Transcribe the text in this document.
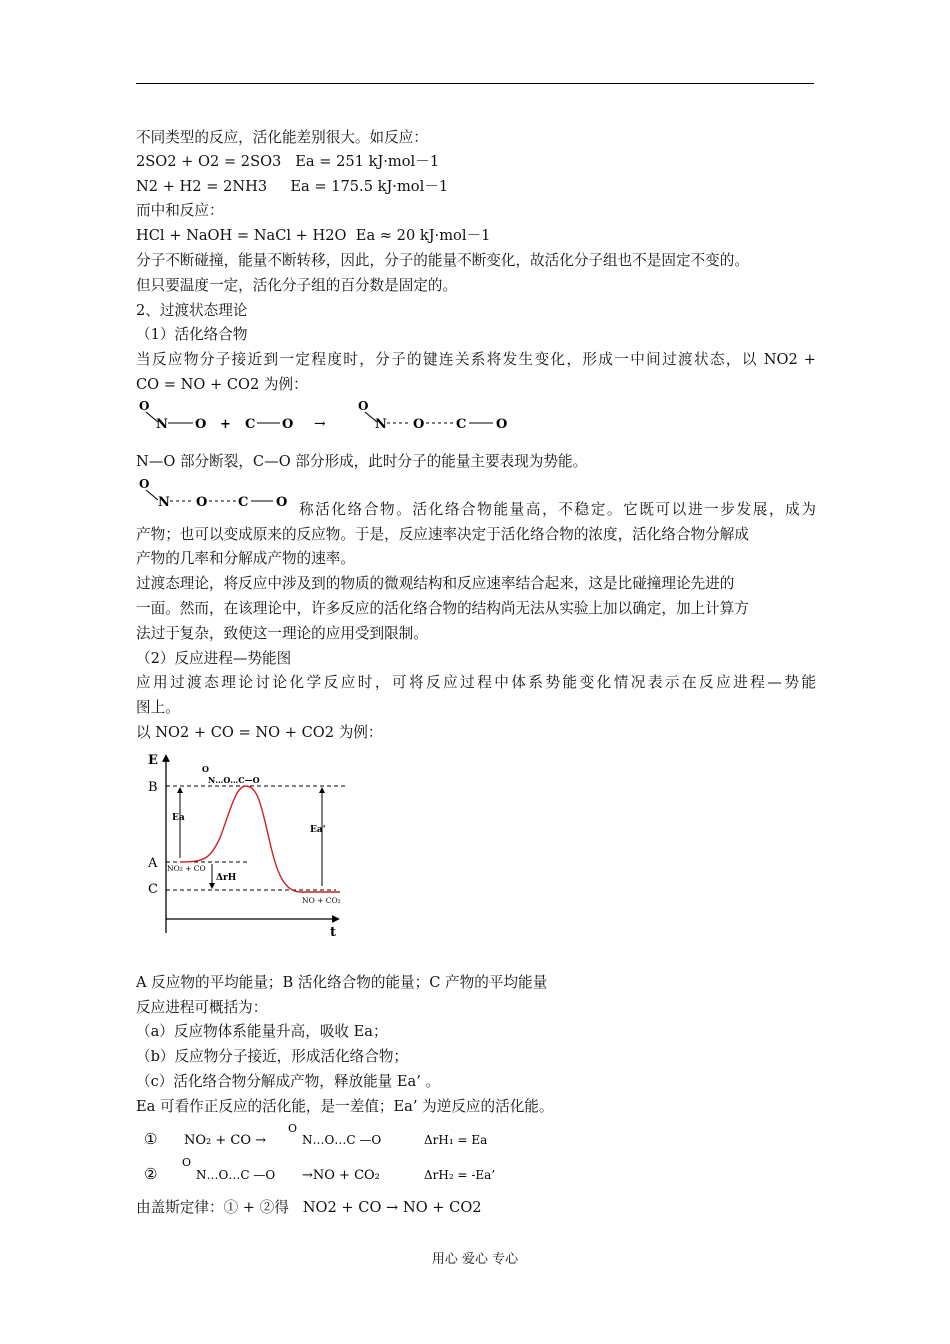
不同类型的反应，活化能差别很大。如反应：
2SO2 + O2 = 2SO3   Ea = 251 kJ·mol－1
N2 + H2 = 2NH3     Ea = 175.5 kJ·mol－1
而中和反应：
HCl + NaOH = NaCl + H2O  Ea ≈ 20 kJ·mol－1
分子不断碰撞，能量不断转移，因此，分子的能量不断变化，故活化分子组也不是固定不变的。
但只要温度一定，活化分子组的百分数是固定的。
2、过渡状态理论
（1）活化络合物
当反应物分子接近到一定程度时，分子的键连关系将发生变化，形成一中间过渡状态，以 NO2 +
CO = NO + CO2 为例：
O
N O + C O →
O
N O C O
N—O 部分断裂，C—O 部分形成，此时分子的能量主要表现为势能。
O
N O C O 称活化络合物。活化络合物能量高，不稳定。它既可以进一步发展，成为
产物；也可以变成原来的反应物。于是，反应速率决定于活化络合物的浓度，活化络合物分解成
产物的几率和分解成产物的速率。
过渡态理论，将反应中涉及到的物质的微观结构和反应速率结合起来，这是比碰撞理论先进的
一面。然而，在该理论中，许多反应的活化络合物的结构尚无法从实验上加以确定，加上计算方
法过于复杂，致使这一理论的应用受到限制。
（2）反应进程—势能图
应用过渡态理论讨论化学反应时，可将反应过程中体系势能变化情况表示在反应进程—势能
图上。
以 NO2 + CO = NO + CO2 为例：
E
t
B
A
C
Ea
ΔrH
Ea'
NO₂ + CO
NO + CO₂
O
N…O…C—O
A 反应物的平均能量；B 活化络合物的能量；C 产物的平均能量
反应进程可概括为：
（a）反应物体系能量升高，吸收 Ea；
（b）反应物分子接近，形成活化络合物；
（c）活化络合物分解成产物，释放能量 Ea’ 。
Ea 可看作正反应的活化能，是一差值；Ea’ 为逆反应的活化能。
① NO₂ + CO →
O
N…O…C —O	ΔrH₁ = Ea
②
O
N…O…C —O →NO + CO₂	ΔrH₂ = -Ea’
由盖斯定律：① + ②得   NO2 + CO → NO + CO2
用心 爱心 专心
